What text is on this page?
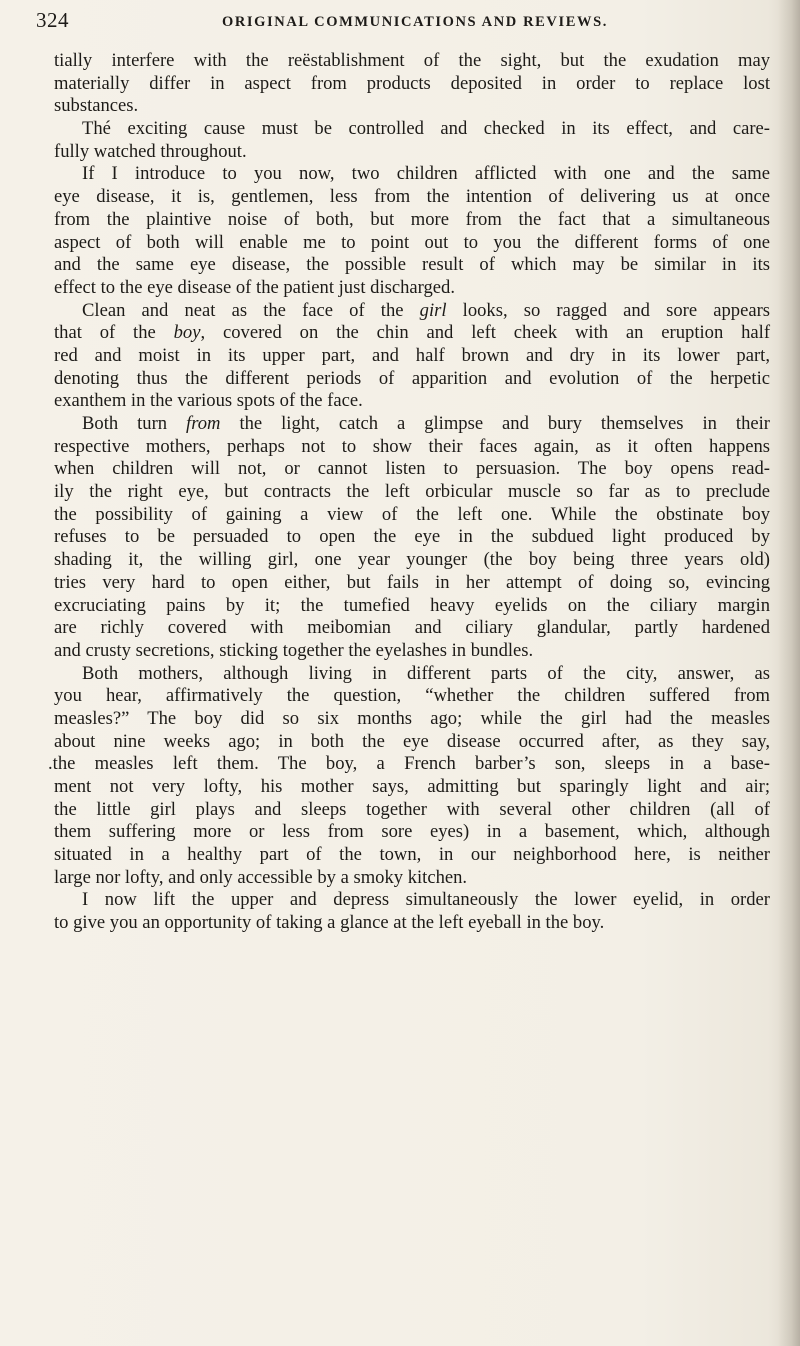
324	ORIGINAL COMMUNICATIONS AND REVIEWS.
tially interfere with the reëstablishment of the sight, but the exudation may
materially differ in aspect from products deposited in order to replace lost
substances.
Thé exciting cause must be controlled and checked in its effect, and care-
fully watched throughout.
If I introduce to you now, two children afflicted with one and the same
eye disease, it is, gentlemen, less from the intention of delivering us at once
from the plaintive noise of both, but more from the fact that a simultaneous
aspect of both will enable me to point out to you the different forms of one
and the same eye disease, the possible result of which may be similar in its
effect to the eye disease of the patient just discharged.
Clean and neat as the face of the girl looks, so ragged and sore appears
that of the boy, covered on the chin and left cheek with an eruption half
red and moist in its upper part, and half brown and dry in its lower part,
denoting thus the different periods of apparition and evolution of the herpetic
exanthem in the various spots of the face.
Both turn from the light, catch a glimpse and bury themselves in their
respective mothers, perhaps not to show their faces again, as it often happens
when children will not, or cannot listen to persuasion. The boy opens read-
ily the right eye, but contracts the left orbicular muscle so far as to preclude
the possibility of gaining a view of the left one. While the obstinate boy
refuses to be persuaded to open the eye in the subdued light produced by
shading it, the willing girl, one year younger (the boy being three years old)
tries very hard to open either, but fails in her attempt of doing so, evincing
excruciating pains by it; the tumefied heavy eyelids on the ciliary margin
are richly covered with meibomian and ciliary glandular, partly hardened
and crusty secretions, sticking together the eyelashes in bundles.
Both mothers, although living in different parts of the city, answer, as
you hear, affirmatively the question, “whether the children suffered from
measles?” The boy did so six months ago; while the girl had the measles
about nine weeks ago; in both the eye disease occurred after, as they say,
.the measles left them. The boy, a French barber’s son, sleeps in a base-
ment not very lofty, his mother says, admitting but sparingly light and air;
the little girl plays and sleeps together with several other children (all of
them suffering more or less from sore eyes) in a basement, which, although
situated in a healthy part of the town, in our neighborhood here, is neither
large nor lofty, and only accessible by a smoky kitchen.
I now lift the upper and depress simultaneously the lower eyelid, in order
to give you an opportunity of taking a glance at the left eyeball in the boy.
